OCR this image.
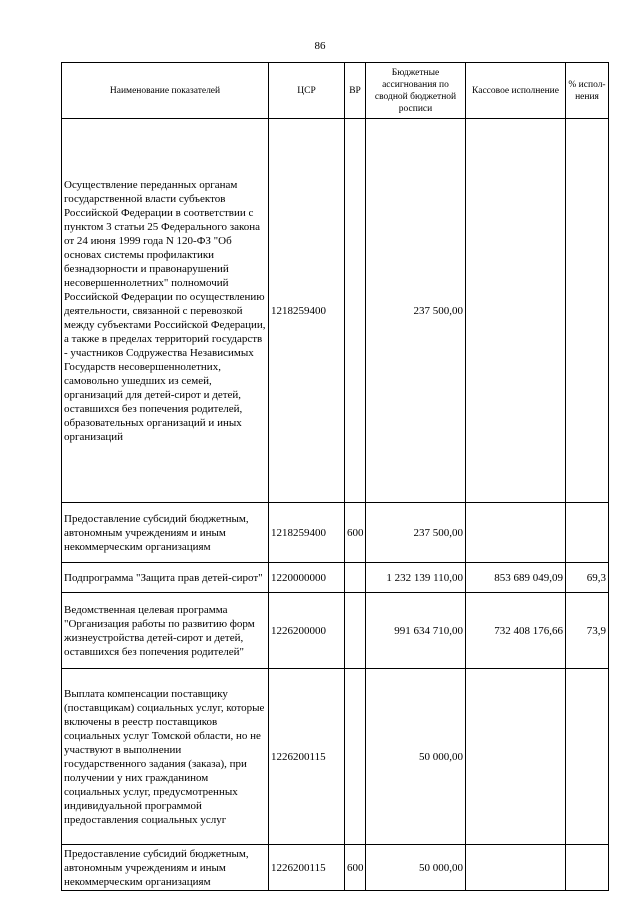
86
Наименование показателей	ЦСР	ВР	Бюджетные ассигнования по сводной бюджетной росписи	Кассовое исполнение	% испол-нения
Осуществление переданных органам государственной власти субъектов Российской Федерации в соответствии с пунктом 3 статьи 25 Федерального закона от 24 июня 1999 года N 120-ФЗ "Об основах системы профилактики безнадзорности и правонарушений несовершеннолетних" полномочий Российской Федерации по осуществлению деятельности, связанной с перевозкой между субъектами Российской Федерации, а также в пределах территорий государств - участников Содружества Независимых Государств несовершеннолетних, самовольно ушедших из семей, организаций для детей-сирот и детей, оставшихся без попечения родителей, образовательных организаций и иных организаций	1218259400		237 500,00		
Предоставление субсидий бюджетным, автономным учреждениям и иным некоммерческим организациям	1218259400	600	237 500,00		
Подпрограмма "Защита прав детей-сирот"	1220000000		1 232 139 110,00	853 689 049,09	69,3
Ведомственная целевая программа "Организация работы по развитию форм жизнеустройства детей-сирот и детей, оставшихся без попечения родителей"	1226200000		991 634 710,00	732 408 176,66	73,9
Выплата компенсации поставщику (поставщикам) социальных услуг, которые включены в реестр поставщиков социальных услуг Томской области, но не участвуют в выполнении государственного задания (заказа), при получении у них гражданином социальных услуг, предусмотренных индивидуальной программой предоставления социальных услуг	1226200115		50 000,00		
Предоставление субсидий бюджетным, автономным учреждениям и иным некоммерческим организациям	1226200115	600	50 000,00		
